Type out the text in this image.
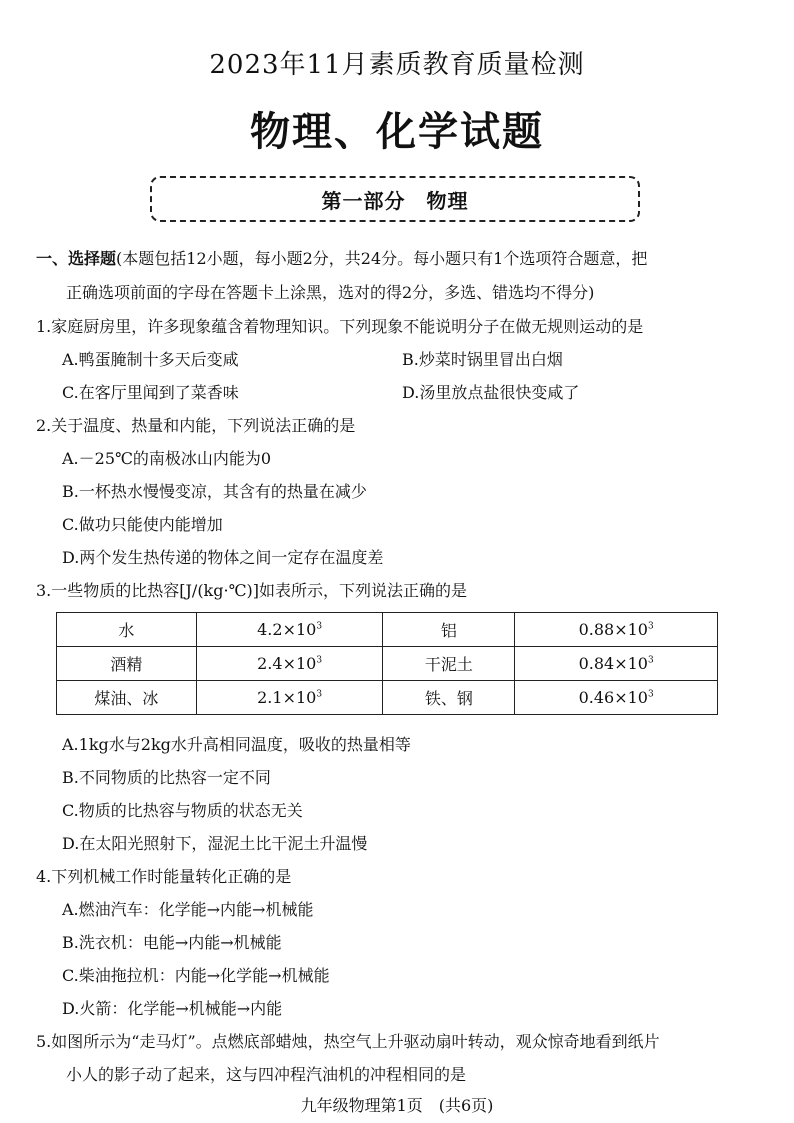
2023年11月素质教育质量检测
物理、化学试题
第一部分　物理
一、选择题(本题包括12小题，每小题2分，共24分。每小题只有1个选项符合题意，把
正确选项前面的字母在答题卡上涂黑，选对的得2分，多选、错选均不得分)
1.家庭厨房里，许多现象蕴含着物理知识。下列现象不能说明分子在做无规则运动的是
A.鸭蛋腌制十多天后变咸	B.炒菜时锅里冒出白烟
C.在客厅里闻到了菜香味	D.汤里放点盐很快变咸了
2.关于温度、热量和内能，下列说法正确的是
A.－25℃的南极冰山内能为0
B.一杯热水慢慢变凉，其含有的热量在减少
C.做功只能使内能增加
D.两个发生热传递的物体之间一定存在温度差
3.一些物质的比热容[J/(kg·℃)]如表所示，下列说法正确的是
水	$4.2\times 10^3$	铝	$0.88\times 10^3$
酒精	$2.4\times 10^3$	干泥土	$0.84\times 10^3$
煤油、冰	$2.1\times 10^3$	铁、钢	$0.46\times 10^3$
A.1kg水与2kg水升高相同温度，吸收的热量相等
B.不同物质的比热容一定不同
C.物质的比热容与物质的状态无关
D.在太阳光照射下，湿泥土比干泥土升温慢
4.下列机械工作时能量转化正确的是
A.燃油汽车：化学能→内能→机械能
B.洗衣机：电能→内能→机械能
C.柴油拖拉机：内能→化学能→机械能
D.火箭：化学能→机械能→内能
5.如图所示为“走马灯”。点燃底部蜡烛，热空气上升驱动扇叶转动，观众惊奇地看到纸片
小人的影子动了起来，这与四冲程汽油机的冲程相同的是
九年级物理第1页　(共6页)
